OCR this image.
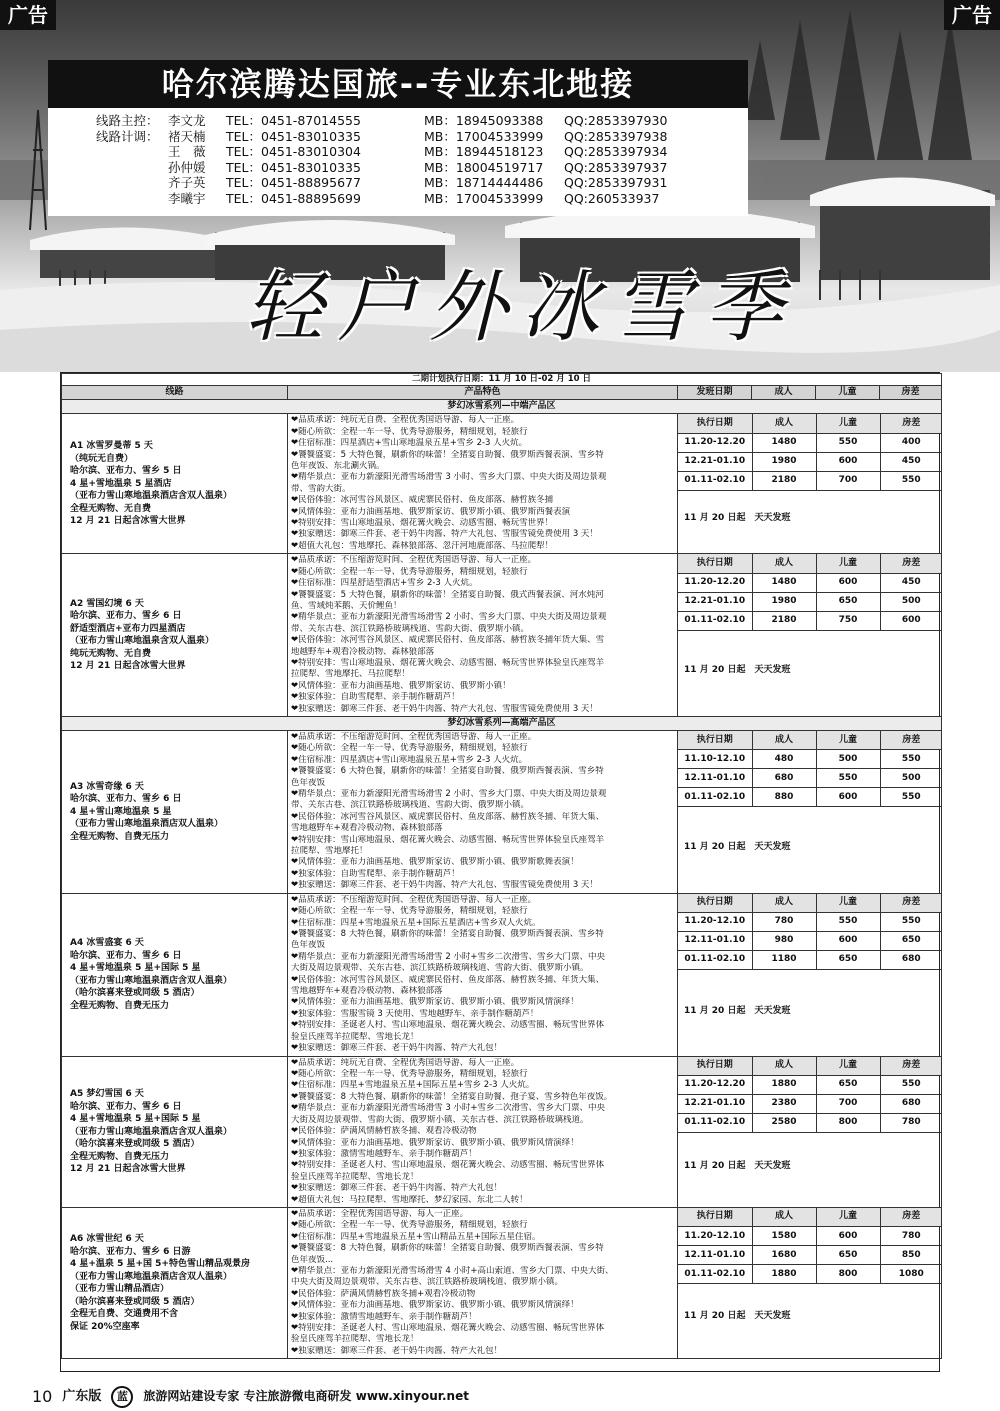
广告	广告
哈尔滨腾达国旅--专业东北地接
线路主控： 李文龙	TEL：0451-87014555	MB：18945093388	QQ:2853397930
线路计调： 褚天楠	TEL：0451-83010335	MB：17004533999	QQ:2853397938
王　薇	TEL：0451-83010304	MB：18944518123	QQ:2853397934
孙仲媛	TEL：0451-83010335	MB：18004519717	QQ:2853397937
齐子英	TEL：0451-88895677	MB：18714444486	QQ:2853397931
李曦宇	TEL：0451-88895699	MB：17004533999	QQ:260533937
轻户外冰雪季
二期计划执行日期：11 月 10 日-02 月 10 日
线路	产品特色	发班日期	成人	儿童	房差
梦幻冰雪系列—中端产品区

A1 冰雪罗曼蒂 5 天
（纯玩无自费）
哈尔滨、亚布力、雪乡 5 日
4 星+雪地温泉 5 星酒店
（亚布力雪山寒地温泉酒店含双人温泉）
全程无购物、无自费
12 月 21 日起含冰雪大世界

❤品质承诺：纯玩无自费、全程优秀国语导游、每人一正座。
❤随心所欲：全程一车一导、优秀导游服务，精细规划，轻旅行
❤住宿标准：四星酒店+雪山寒地温泉五星+雪乡 2-3 人火炕。
❤饕餮盛宴：5 大特色餐，刷新你的味蕾！全猪宴自助餐、俄罗斯西餐表演、雪乡特
色年夜饭、东北涮火锅。
❤精华景点：亚布力新濠阳光滑雪场滑雪 3 小时、雪乡大门票、中央大街及周边景观
带、雪韵大街。
❤民俗体验：冰河雪谷风景区、威虎寨民俗村、鱼皮部落、赫哲族冬捕
❤风情体验：亚布力油画基地、俄罗斯家访、俄罗斯小镇、俄罗斯西餐表演
❤特别安排：雪山寒地温泉、烟花篝火晚会、动感雪圈、畅玩雪世界！
❤独家赠送：御寒三件套、老干妈牛肉酱、特产大礼包、雪服雪镜免费使用 3 天！
❤超值大礼包：雪地摩托、森林狼部落、忽汗河地鹿部落、马拉爬犁！

执行日期	成人	儿童	房差
11.20-12.20	1480	550	400
12.21-01.10	1980	600	450
01.11-02.10	2180	700	550
11 月 20 日起　天天发班

A2 雪国幻境 6 天
哈尔滨、亚布力、雪乡 6 日
舒适型酒店+亚布力四星酒店
（亚布力雪山寒地温泉含双人温泉）
纯玩无购物、无自费
12 月 21 日起含冰雪大世界

❤品质承诺：不压缩游览时间、全程优秀国语导游、每人一正座。
❤随心所欲：全程一车一导、优秀导游服务，精细规划，轻旅行
❤住宿标准：四星舒适型酒店+雪乡 2-3 人火炕。
❤饕餮盛宴：5 大特色餐，刷新你的味蕾！全猪宴自助餐、俄式西餐表演、河水炖河
鱼、雪域炖苯鹅、天价鲤鱼！
❤精华景点：亚布力新濠阳光滑雪场滑雪 2 小时、雪乡大门票、中央大街及周边景观
带、关东古巷、滨江铁路桥玻璃栈道、雪韵大街、俄罗斯小镇。
❤民俗体验：冰河雪谷风景区、威虎寨民俗村、鱼皮部落、赫哲族冬捕年货大集、雪
地越野车+观看冷极动物、森林狼部落
❤特别安排：雪山寒地温泉、烟花篝火晚会、动感雪圈、畅玩雪世界体验皇氏座驾羊
拉爬犁、雪地摩托、马拉爬犁！
❤风情体验：亚布力油画基地、俄罗斯家访、俄罗斯小镇！
❤独家体验：自助雪爬犁、亲手制作糖葫芦！
❤独家赠送：御寒三件套、老干妈牛肉酱、特产大礼包、雪服雪镜免费使用 3 天！

执行日期	成人	儿童	房差
11.20-12.20	1480	600	450
12.21-01.10	1980	650	500
01.11-02.10	2180	750	600
11 月 20 日起　天天发班

梦幻冰雪系列—高端产品区

A3 冰雪奇缘 6 天
哈尔滨、亚布力、雪乡 6 日
4 星+雪山寒地温泉 5 星
（亚布力雪山寒地温泉酒店双人温泉）
全程无购物、自费无压力

❤品质承诺：不压缩游览时间、全程优秀国语导游、每人一正座。
❤随心所欲：全程一车一导、优秀导游服务，精细规划，轻旅行
❤住宿标准：四星酒店+雪山寒地温泉五星+雪乡 2-3 人火炕。
❤饕餮盛宴：6 大特色餐，刷新你的味蕾！全猪宴自助餐、俄罗斯西餐表演、雪乡特
色年夜饭
❤精华景点：亚布力新濠阳光滑雪场滑雪 2 小时、雪乡大门票、中央大街及周边景观
带、关东古巷、滨江铁路桥玻璃栈道、雪韵大街、俄罗斯小镇。
❤民俗体验：冰河雪谷风景区、威虎寨民俗村、鱼皮部落、赫哲族冬捕、年货大集、
雪地越野车+观看冷极动物、森林狼部落
❤特别安排：雪山寒地温泉、烟花篝火晚会、动感雪圈、畅玩雪世界体验皇氏座驾羊
拉爬犁、雪地摩托！
❤风情体验：亚布力油画基地、俄罗斯家访、俄罗斯小镇、俄罗斯歌舞表演！
❤独家体验：自助雪爬犁、亲手制作糖葫芦！
❤独家赠送：御寒三件套、老干妈牛肉酱、特产大礼包、雪服雪镜免费使用 3 天！

执行日期	成人	儿童	房差
11.10-12.10	480	500	550
12.11-01.10	680	550	500
01.11-02.10	880	600	550
11 月 20 日起　天天发班

A4 冰雪盛宴 6 天
哈尔滨、亚布力、雪乡 6 日
4 星+雪地温泉 5 星+国际 5 星
（亚布力雪山寒地温泉酒店含双人温泉）
（哈尔滨喜来登或同级 5 酒店）
全程无购物、自费无压力

❤品质承诺：不压缩游览时间、全程优秀国语导游、每人一正座。
❤随心所欲：全程一车一导、优秀导游服务，精细规划，轻旅行
❤住宿标准：四星+雪地温泉五星+国际五星酒店+雪乡双人火炕。
❤饕餮盛宴：8 大特色餐，刷新你的味蕾！全猪宴自助餐、俄罗斯西餐表演、雪乡特
色年夜饭
❤精华景点：亚布力新濠阳光滑雪场滑雪 2 小时+雪乡二次滑雪、雪乡大门票、中央
大街及周边景观带、关东古巷、滨江铁路桥玻璃栈道、雪韵大街、俄罗斯小镇。
❤民俗体验：冰河雪谷风景区、威虎寨民俗村、鱼皮部落、赫哲族冬捕、年货大集、
雪地越野车+观看冷极动物、森林狼部落
❤风情体验：亚布力油画基地、俄罗斯家访、俄罗斯小镇、俄罗斯风情演绎！
❤独家体验：雪服雪镜 3 天使用、雪地越野车、亲手制作糖葫芦！
❤特别安排：圣诞老人村、雪山寒地温泉、烟花篝火晚会、动感雪圈、畅玩雪世界体
验皇氏座驾羊拉爬犁、雪地长龙！
❤独家赠送：御寒三件套、老干妈牛肉酱、特产大礼包！

执行日期	成人	儿童	房差
11.20-12.10	780	550	550
12.11-01.10	980	600	650
01.11-02.10	1180	650	680
11 月 20 日起　天天发班

A5 梦幻雪国 6 天
哈尔滨、亚布力、雪乡 6 日
4 星+雪地温泉 5 星+国际 5 星
（亚布力雪山寒地温泉酒店含双人温泉）
（哈尔滨喜来登或同级 5 酒店）
全程无购物、自费无压力
12 月 21 日起含冰雪大世界

❤品质承诺：纯玩无自费、全程优秀国语导游、每人一正座。
❤随心所欲：全程一车一导、优秀导游服务，精细规划，轻旅行
❤住宿标准：四星+雪地温泉五星+国际五星+雪乡 2-3 人火炕。
❤饕餮盛宴：8 大特色餐、刷新你的味蕾！全猪宴自助餐、孢子宴、雪乡特色年夜饭。
❤精华景点：亚布力新濠阳光滑雪场滑雪 3 小时+雪乡二次滑雪、雪乡大门票、中央
大街及周边景观带、雪韵大街、俄罗斯小镇、关东古巷、滨江铁路桥玻璃栈道。
❤民俗体验：萨满风情赫哲族冬捕、观看冷极动物
❤风情体验：亚布力油画基地、俄罗斯家访、俄罗斯小镇、俄罗斯风情演绎！
❤独家体验：激情雪地越野车、亲手制作糖葫芦！
❤特别安排：圣诞老人村、雪山寒地温泉、烟花篝火晚会、动感雪圈、畅玩雪世界体
验皇氏座驾羊拉爬犁、雪地长龙！
❤独家赠送：御寒三件套、老干妈牛肉酱、特产大礼包！
❤超值大礼包：马拉爬犁、雪地摩托、梦幻家园、东北二人转！

执行日期	成人	儿童	房差
11.20-12.20	1880	650	550
12.21-01.10	2380	700	680
01.11-02.10	2580	800	780
11 月 20 日起　天天发班

A6 冰雪世纪 6 天
哈尔滨、亚布力、雪乡 6 日游
4 星+温泉 5 星+国 5+特色雪山精品观景房
（亚布力雪山寒地温泉酒店含双人温泉）
（亚布力雪山精品酒店）
（哈尔滨喜来登或同级 5 酒店）
全程无自费、交通费用不含
保证 20%空座率

❤品质承诺：全程优秀国语导游、每人一正座。
❤随心所欲：全程一车一导、优秀导游服务，精细规划，轻旅行
❤住宿标准：四星+雪地温泉五星+雪山精品五星+国际五星住宿。
❤饕餮盛宴：8 大特色餐，刷新你的味蕾！全猪宴自助餐、俄罗斯西餐表演、雪乡特
色年夜饭...
❤精华景点：亚布力新濠阳光滑雪场滑雪 4 小时+高山索道、雪乡大门票、中央大街、
中央大街及周边景观带、关东古巷、滨江铁路桥玻璃栈道、俄罗斯小镇。
❤民俗体验：萨满风情赫哲族冬捕+观看冷极动物
❤风情体验：亚布力油画基地、俄罗斯家访、俄罗斯小镇、俄罗斯风情演绎！
❤独家体验：激情雪地越野车、亲手制作糖葫芦！
❤特别安排：圣诞老人村、雪山寒地温泉、烟花篝火晚会、动感雪圈、畅玩雪世界体
验皇氏座驾羊拉爬犁、雪地长龙！
❤独家赠送：御寒三件套、老干妈牛肉酱、特产大礼包！

执行日期	成人	儿童	房差
11.20-12.10	1580	600	780
12.11-01.10	1680	650	850
01.11-02.10	1880	800	1080
11 月 20 日起　天天发班
10 广东版	蓝	旅游网站建设专家 专注旅游微电商研发 www.xinyour.net
